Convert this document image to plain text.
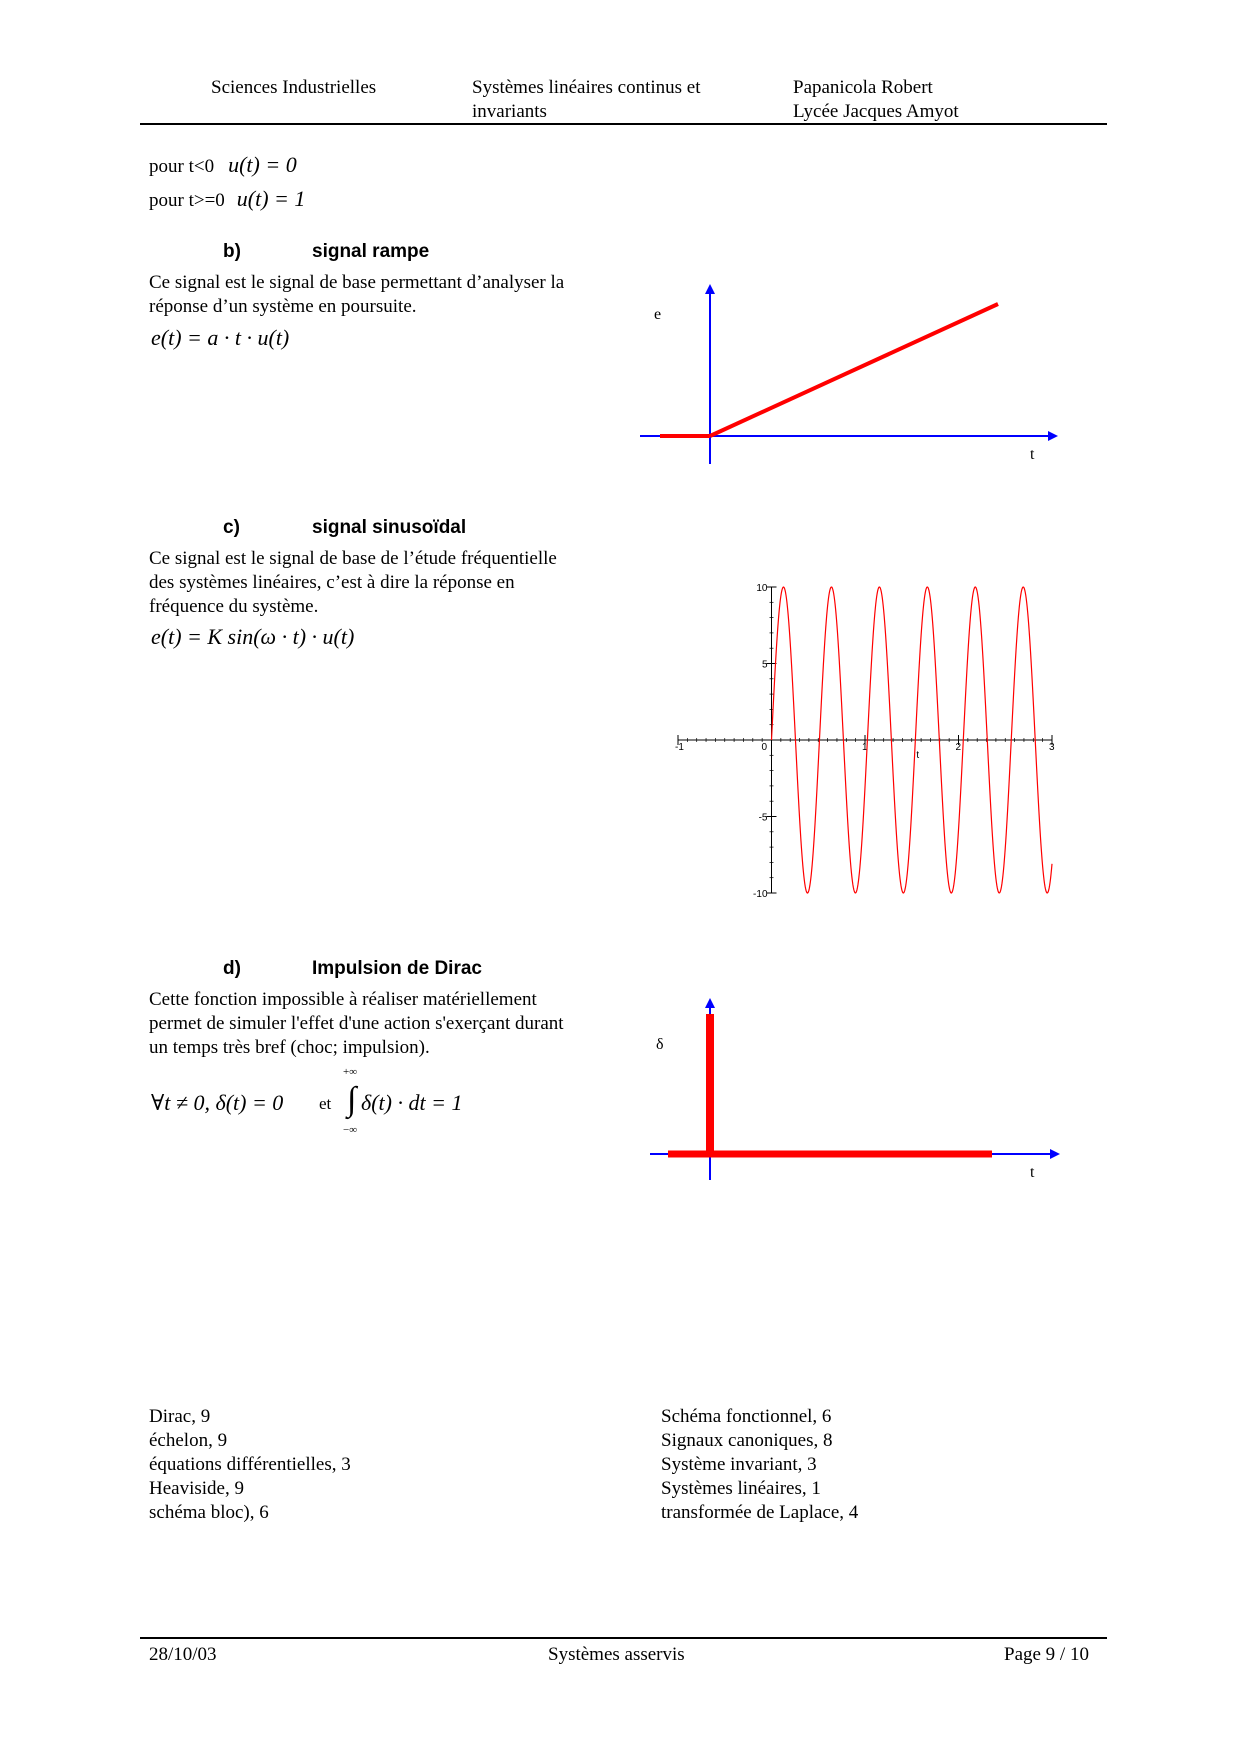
Sciences Industrielles	Systèmes linéaires continus et
invariants
Papanicola Robert
Lycée Jacques Amyot
pour t<0 u(t) = 0
pour t>=0 u(t) = 1
b)	signal rampe
Ce signal est le signal de base permettant d’analyser la
réponse d’un système en poursuite.
e(t) = a · t · u(t)
e
t
c)	signal sinusoïdal
Ce signal est le signal de base de l’étude fréquentielle
des systèmes linéaires, c’est à dire la réponse en
fréquence du système.
e(t) = K sin(ω · t) · u(t)
-1	0	1	2	3
10
5
-5
-10
t
d)	Impulsion de Dirac
Cette fonction impossible à réaliser matériellement
permet de simuler l'effet d'une action s'exerçant durant
un temps très bref (choc; impulsion).
∀t ≠ 0, δ(t) = 0 et
+∞
∫
−∞
δ(t) · dt = 1
δ
t
Dirac, 9
échelon, 9
équations différentielles, 3
Heaviside, 9
schéma bloc), 6
Schéma fonctionnel, 6
Signaux canoniques, 8
Système invariant, 3
Systèmes linéaires, 1
transformée de Laplace, 4
28/10/03	Systèmes asservis	Page 9 / 10
